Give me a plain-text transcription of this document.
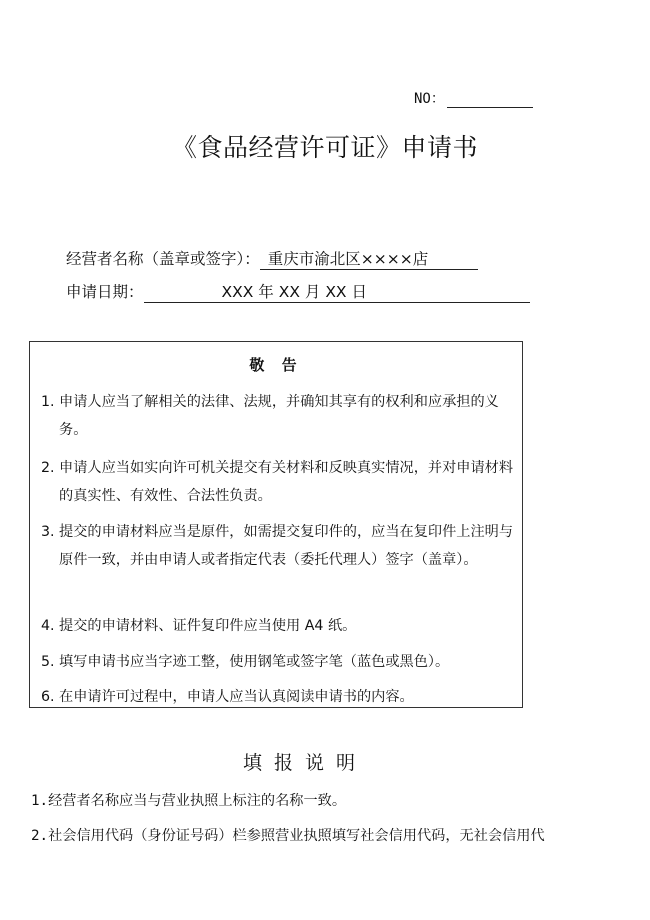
NO：
《食品经营许可证》申请书
经营者名称（盖章或签字）： 重庆市渝北区××××店
申请日期：	XXX 年 XX 月 XX 日
敬 告
1. 申请人应当了解相关的法律、法规，并确知其享有的权利和应承担的义务。
2. 申请人应当如实向许可机关提交有关材料和反映真实情况，并对申请材料的真实性、有效性、合法性负责。
3. 提交的申请材料应当是原件，如需提交复印件的，应当在复印件上注明与原件一致，并由申请人或者指定代表（委托代理人）签字（盖章）。
4. 提交的申请材料、证件复印件应当使用 A4 纸。
5. 填写申请书应当字迹工整，使用钢笔或签字笔（蓝色或黑色）。
6. 在申请许可过程中，申请人应当认真阅读申请书的内容。
填报说明
1.经营者名称应当与营业执照上标注的名称一致。
2.社会信用代码（身份证号码）栏参照营业执照填写社会信用代码，无社会信用代
